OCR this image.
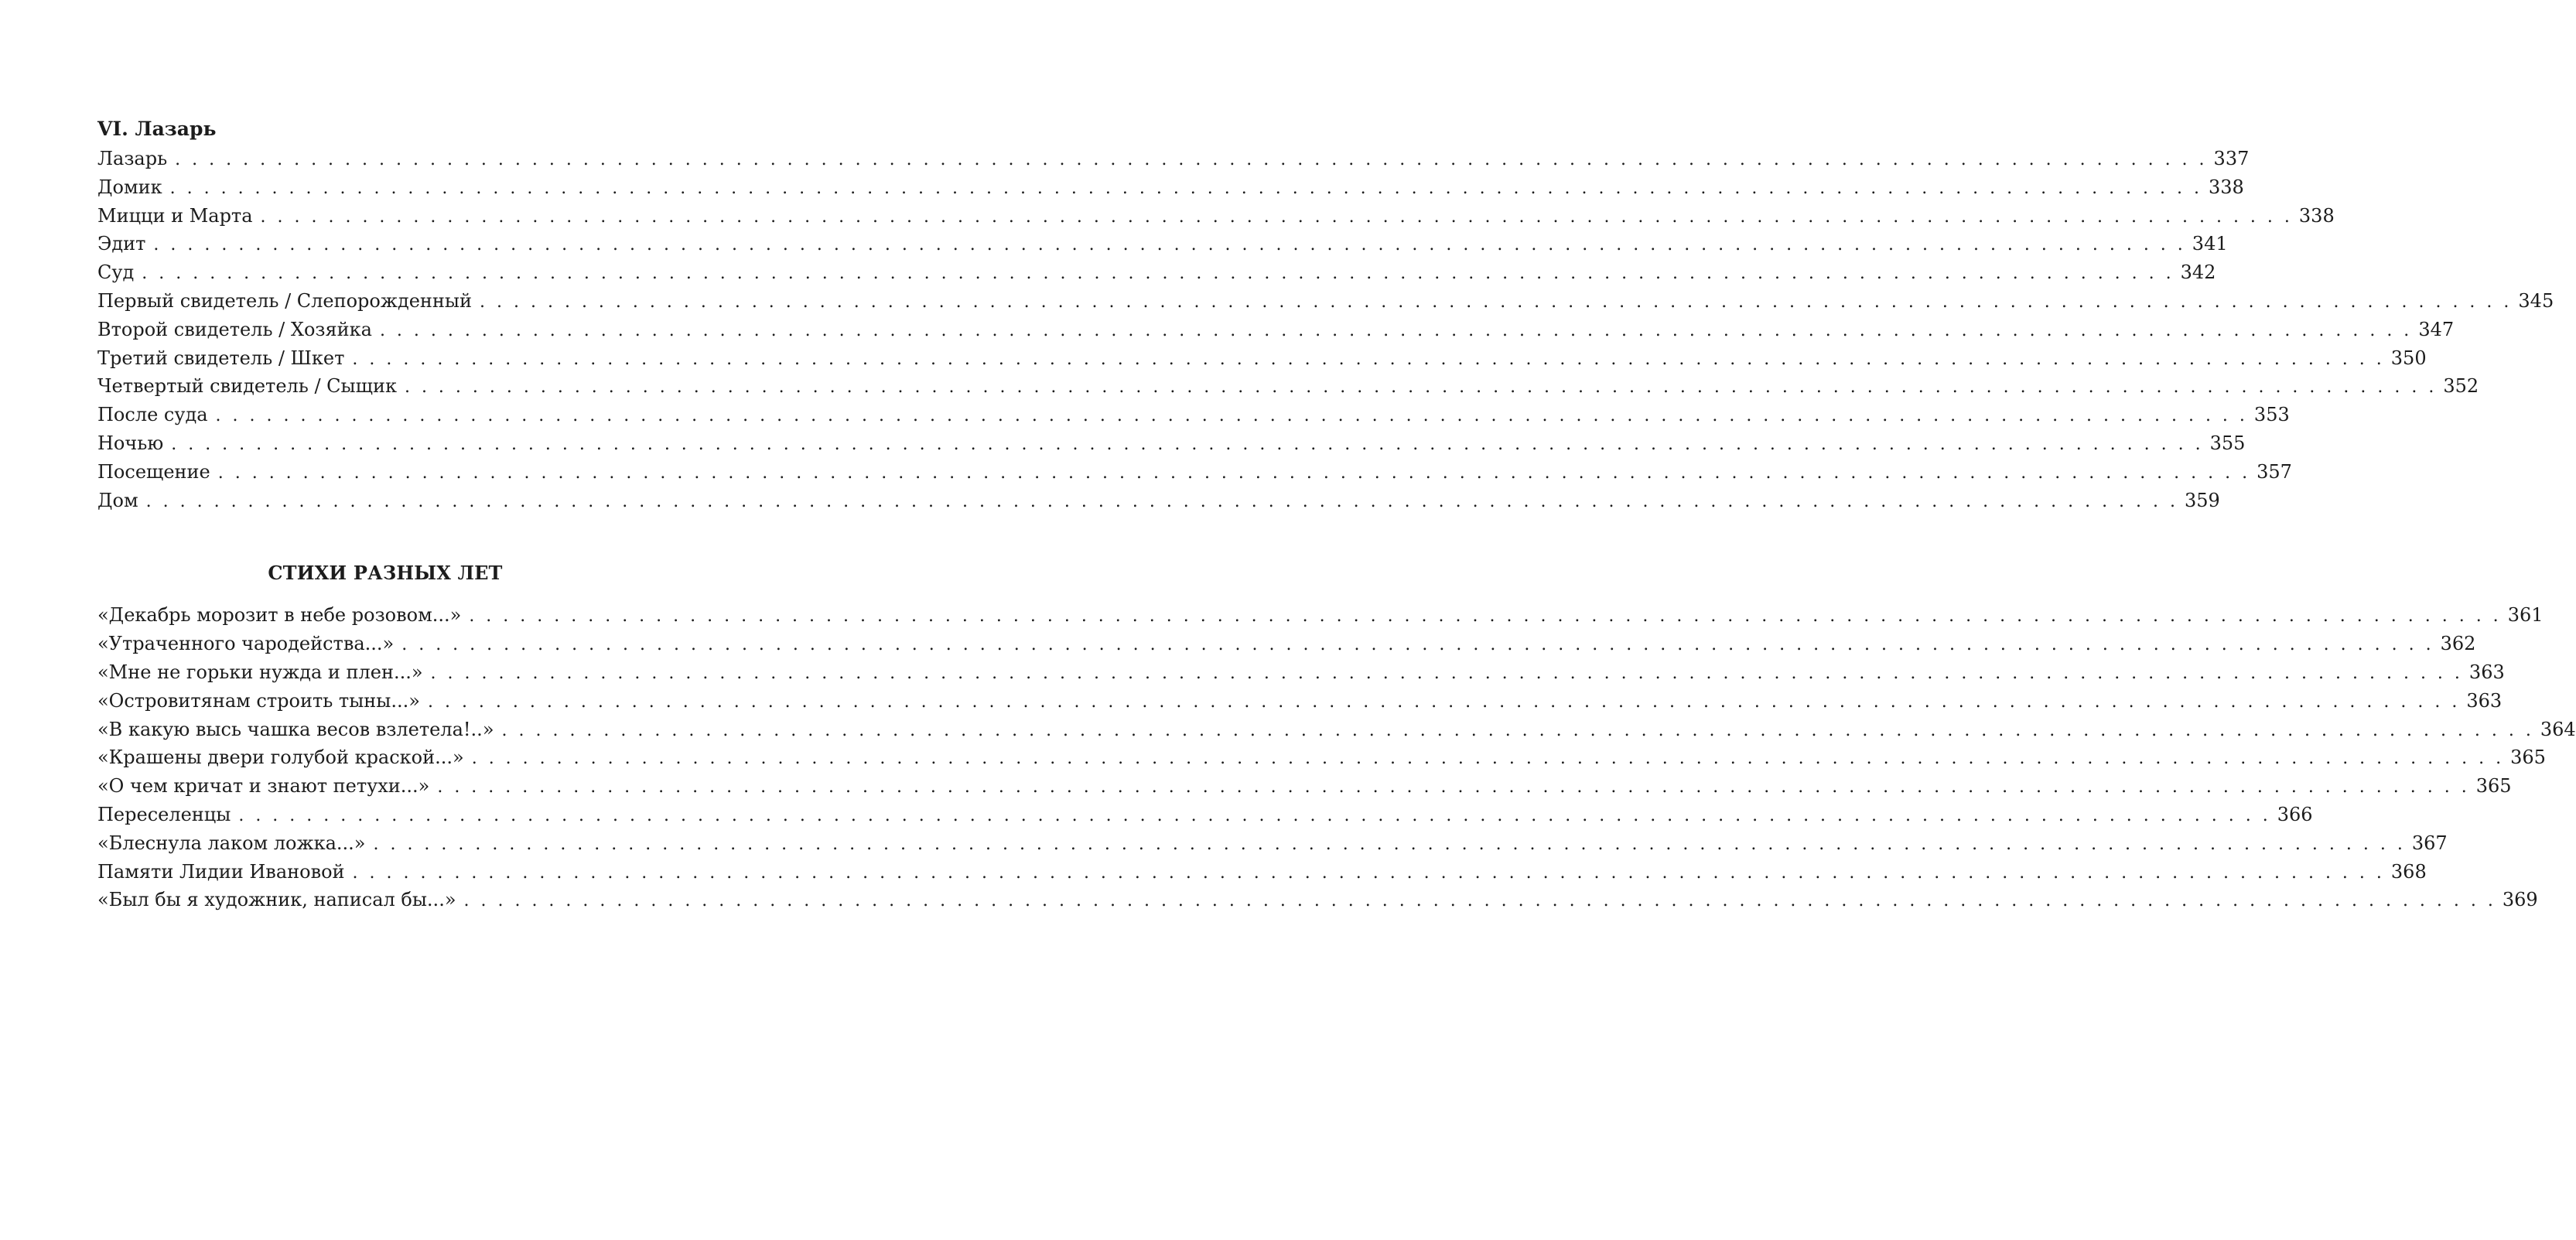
VI. Лазарь
Лазарь . . . . . . . . . . . . . . . . . . . . . . . . . . . . . . . . . . . . . . . . . . . . . . . . . . . . . . . . . . . . . . . . . . . . . . . . . . . . . . . . . . . . . . . . . . . . . . . . . . . . . . . . . . . . . . . . . . . . . . . . 337
Домик . . . . . . . . . . . . . . . . . . . . . . . . . . . . . . . . . . . . . . . . . . . . . . . . . . . . . . . . . . . . . . . . . . . . . . . . . . . . . . . . . . . . . . . . . . . . . . . . . . . . . . . . . . . . . . . . . . . . . . . . 338
Мицци и Марта . . . . . . . . . . . . . . . . . . . . . . . . . . . . . . . . . . . . . . . . . . . . . . . . . . . . . . . . . . . . . . . . . . . . . . . . . . . . . . . . . . . . . . . . . . . . . . . . . . . . . . . . . . . . . . . . . . . . . . . . 338
Эдит . . . . . . . . . . . . . . . . . . . . . . . . . . . . . . . . . . . . . . . . . . . . . . . . . . . . . . . . . . . . . . . . . . . . . . . . . . . . . . . . . . . . . . . . . . . . . . . . . . . . . . . . . . . . . . . . . . . . . . . . 341
Суд . . . . . . . . . . . . . . . . . . . . . . . . . . . . . . . . . . . . . . . . . . . . . . . . . . . . . . . . . . . . . . . . . . . . . . . . . . . . . . . . . . . . . . . . . . . . . . . . . . . . . . . . . . . . . . . . . . . . . . . . 342
Первый свидетель / Слепорожденный . . . . . . . . . . . . . . . . . . . . . . . . . . . . . . . . . . . . . . . . . . . . . . . . . . . . . . . . . . . . . . . . . . . . . . . . . . . . . . . . . . . . . . . . . . . . . . . . . . . . . . . . . . . . . . . . . . . . . . . . 345
Второй свидетель / Хозяйка . . . . . . . . . . . . . . . . . . . . . . . . . . . . . . . . . . . . . . . . . . . . . . . . . . . . . . . . . . . . . . . . . . . . . . . . . . . . . . . . . . . . . . . . . . . . . . . . . . . . . . . . . . . . . . . . . . . . . . . . 347
Третий свидетель / Шкет . . . . . . . . . . . . . . . . . . . . . . . . . . . . . . . . . . . . . . . . . . . . . . . . . . . . . . . . . . . . . . . . . . . . . . . . . . . . . . . . . . . . . . . . . . . . . . . . . . . . . . . . . . . . . . . . . . . . . . . . 350
Четвертый свидетель / Сыщик . . . . . . . . . . . . . . . . . . . . . . . . . . . . . . . . . . . . . . . . . . . . . . . . . . . . . . . . . . . . . . . . . . . . . . . . . . . . . . . . . . . . . . . . . . . . . . . . . . . . . . . . . . . . . . . . . . . . . . . . 352
После суда . . . . . . . . . . . . . . . . . . . . . . . . . . . . . . . . . . . . . . . . . . . . . . . . . . . . . . . . . . . . . . . . . . . . . . . . . . . . . . . . . . . . . . . . . . . . . . . . . . . . . . . . . . . . . . . . . . . . . . . . 353
Ночью . . . . . . . . . . . . . . . . . . . . . . . . . . . . . . . . . . . . . . . . . . . . . . . . . . . . . . . . . . . . . . . . . . . . . . . . . . . . . . . . . . . . . . . . . . . . . . . . . . . . . . . . . . . . . . . . . . . . . . . . 355
Посещение . . . . . . . . . . . . . . . . . . . . . . . . . . . . . . . . . . . . . . . . . . . . . . . . . . . . . . . . . . . . . . . . . . . . . . . . . . . . . . . . . . . . . . . . . . . . . . . . . . . . . . . . . . . . . . . . . . . . . . . . 357
Дом . . . . . . . . . . . . . . . . . . . . . . . . . . . . . . . . . . . . . . . . . . . . . . . . . . . . . . . . . . . . . . . . . . . . . . . . . . . . . . . . . . . . . . . . . . . . . . . . . . . . . . . . . . . . . . . . . . . . . . . . 359
СТИХИ РАЗНЫХ ЛЕТ
«Декабрь морозит в небе розовом...» . . . . . . . . . . . . . . . . . . . . . . . . . . . . . . . . . . . . . . . . . . . . . . . . . . . . . . . . . . . . . . . . . . . . . . . . . . . . . . . . . . . . . . . . . . . . . . . . . . . . . . . . . . . . . . . . . . . . . . . . 361
«Утраченного чародейства...» . . . . . . . . . . . . . . . . . . . . . . . . . . . . . . . . . . . . . . . . . . . . . . . . . . . . . . . . . . . . . . . . . . . . . . . . . . . . . . . . . . . . . . . . . . . . . . . . . . . . . . . . . . . . . . . . . . . . . . . . 362
«Мне не горьки нужда и плен...» . . . . . . . . . . . . . . . . . . . . . . . . . . . . . . . . . . . . . . . . . . . . . . . . . . . . . . . . . . . . . . . . . . . . . . . . . . . . . . . . . . . . . . . . . . . . . . . . . . . . . . . . . . . . . . . . . . . . . . . . 363
«Островитянам строить тыны...» . . . . . . . . . . . . . . . . . . . . . . . . . . . . . . . . . . . . . . . . . . . . . . . . . . . . . . . . . . . . . . . . . . . . . . . . . . . . . . . . . . . . . . . . . . . . . . . . . . . . . . . . . . . . . . . . . . . . . . . . 363
«В какую высь чашка весов взлетела!..» . . . . . . . . . . . . . . . . . . . . . . . . . . . . . . . . . . . . . . . . . . . . . . . . . . . . . . . . . . . . . . . . . . . . . . . . . . . . . . . . . . . . . . . . . . . . . . . . . . . . . . . . . . . . . . . . . . . . . . . . 364
«Крашены двери голубой краской...» . . . . . . . . . . . . . . . . . . . . . . . . . . . . . . . . . . . . . . . . . . . . . . . . . . . . . . . . . . . . . . . . . . . . . . . . . . . . . . . . . . . . . . . . . . . . . . . . . . . . . . . . . . . . . . . . . . . . . . . . 365
«О чем кричат и знают петухи...» . . . . . . . . . . . . . . . . . . . . . . . . . . . . . . . . . . . . . . . . . . . . . . . . . . . . . . . . . . . . . . . . . . . . . . . . . . . . . . . . . . . . . . . . . . . . . . . . . . . . . . . . . . . . . . . . . . . . . . . . 365
Переселенцы . . . . . . . . . . . . . . . . . . . . . . . . . . . . . . . . . . . . . . . . . . . . . . . . . . . . . . . . . . . . . . . . . . . . . . . . . . . . . . . . . . . . . . . . . . . . . . . . . . . . . . . . . . . . . . . . . . . . . . . . 366
«Блеснула лаком ложка...» . . . . . . . . . . . . . . . . . . . . . . . . . . . . . . . . . . . . . . . . . . . . . . . . . . . . . . . . . . . . . . . . . . . . . . . . . . . . . . . . . . . . . . . . . . . . . . . . . . . . . . . . . . . . . . . . . . . . . . . . 367
Памяти Лидии Ивановой . . . . . . . . . . . . . . . . . . . . . . . . . . . . . . . . . . . . . . . . . . . . . . . . . . . . . . . . . . . . . . . . . . . . . . . . . . . . . . . . . . . . . . . . . . . . . . . . . . . . . . . . . . . . . . . . . . . . . . . . 368
«Был бы я художник, написал бы...» . . . . . . . . . . . . . . . . . . . . . . . . . . . . . . . . . . . . . . . . . . . . . . . . . . . . . . . . . . . . . . . . . . . . . . . . . . . . . . . . . . . . . . . . . . . . . . . . . . . . . . . . . . . . . . . . . . . . . . . . 369
